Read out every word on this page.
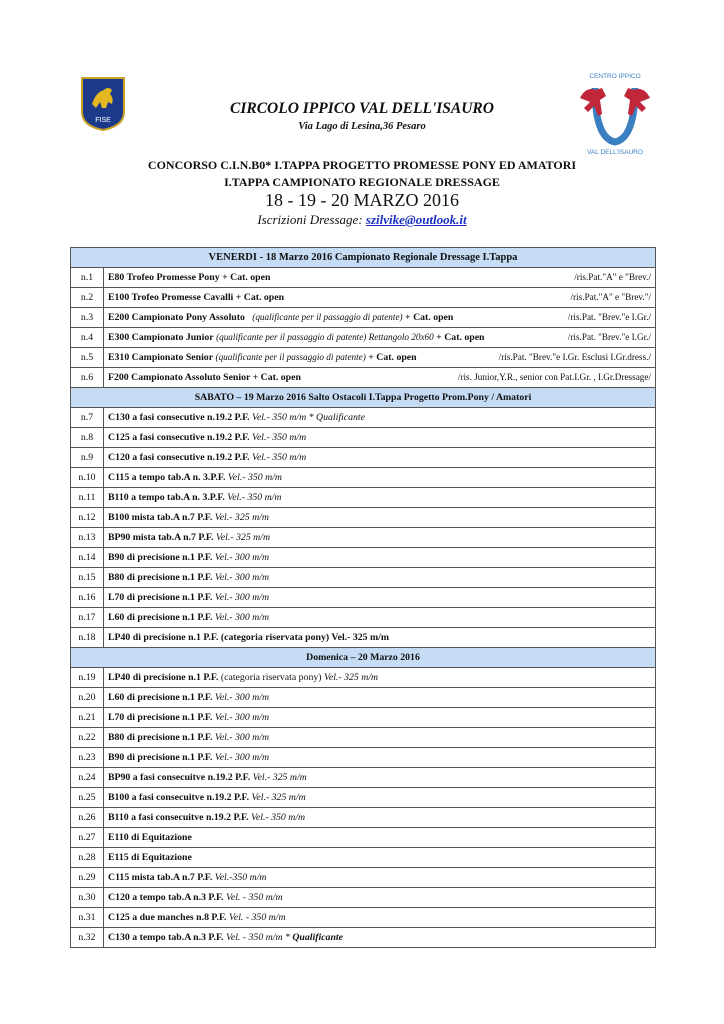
FISE
CENTRO IPPICO
VAL DELL'ISAURO
CIRCOLO IPPICO VAL DELL'ISAURO
Via Lago di Lesina,36 Pesaro
CONCORSO C.I.N.B0* I.TAPPA PROGETTO PROMESSE PONY ED AMATORI
I.TAPPA CAMPIONATO REGIONALE DRESSAGE
18 - 19 - 20 MARZO 2016
Iscrizioni Dressage: szilvike@outlook.it
VENERDI - 18 Marzo 2016 Campionato Regionale Dressage I.Tappa	
n.1	E80 Trofeo Promesse Pony + Cat. open /ris.Pat."A" e "Brev./

n.2	E100 Trofeo Promesse Cavalli + Cat. open /ris.Pat."A" e "Brev."/

n.3	E200 Campionato Pony Assoluto (qualificante per il passaggio di patente) + Cat. open /ris.Pat. "Brev."e I.Gr./

n.4	E300 Campionato Junior (qualificante per il passaggio di patente) Rettangolo 20x60 + Cat. open /ris.Pat. "Brev."e I.Gr./

n.5	E310 Campionato Senior (qualificante per il passaggio di patente) + Cat. open /ris.Pat. "Brev."e I.Gr. Esclusi I.Gr.dress./

n.6	F200 Campionato Assoluto Senior + Cat. open /ris. Junior,Y.R., senior con Pat.I.Gr. , I.Gr.Dressage/

SABATO – 19 Marzo 2016 Salto Ostacoli I.Tappa Progetto Prom.Pony / Amatori	
n.7	C130 a fasi consecutive n.19.2 P.F. Vel.- 350 m/m * Qualificante
n.8	C125 a fasi consecutive n.19.2 P.F. Vel.- 350 m/m
n.9	C120 a fasi consecutive n.19.2 P.F. Vel.- 350 m/m
n.10	C115 a tempo tab.A n. 3.P.F. Vel.- 350 m/m
n.11	B110 a tempo tab.A n. 3.P.F. Vel.- 350 m/m
n.12	B100 mista tab.A n.7 P.F. Vel.- 325 m/m
n.13	BP90 mista tab.A n.7 P.F. Vel.- 325 m/m
n.14	B90 di precisione n.1 P.F. Vel.- 300 m/m
n.15	B80 di precisione n.1 P.F. Vel.- 300 m/m
n.16	L70 di precisione n.1 P.F. Vel.- 300 m/m
n.17	L60 di precisione n.1 P.F. Vel.- 300 m/m
n.18	LP40 di precisione n.1 P.F. (categoria riservata pony) Vel.- 325 m/m
Domenica – 20 Marzo 2016	
n.19	LP40 di precisione n.1 P.F. (categoria riservata pony) Vel.- 325 m/m
n.20	L60 di precisione n.1 P.F. Vel.- 300 m/m
n.21	L70 di precisione n.1 P.F. Vel.- 300 m/m
n.22	B80 di precisione n.1 P.F. Vel.- 300 m/m
n.23	B90 di precisione n.1 P.F. Vel.- 300 m/m
n.24	BP90 a fasi consecuitve n.19.2 P.F. Vel.- 325 m/m
n.25	B100 a fasi consecuitve n.19.2 P.F. Vel.- 325 m/m
n.26	B110 a fasi consecuitve n.19.2 P.F. Vel.- 350 m/m
n.27	E110 di Equitazione
n.28	E115 di Equitazione
n.29	C115 mista tab.A n.7 P.F. Vel.-350 m/m
n.30	C120 a tempo tab.A n.3 P.F. Vel. - 350 m/m
n.31	C125 a due manches n.8 P.F. Vel. - 350 m/m
n.32	C130 a tempo tab.A n.3 P.F. Vel. - 350 m/m * Qualificante
